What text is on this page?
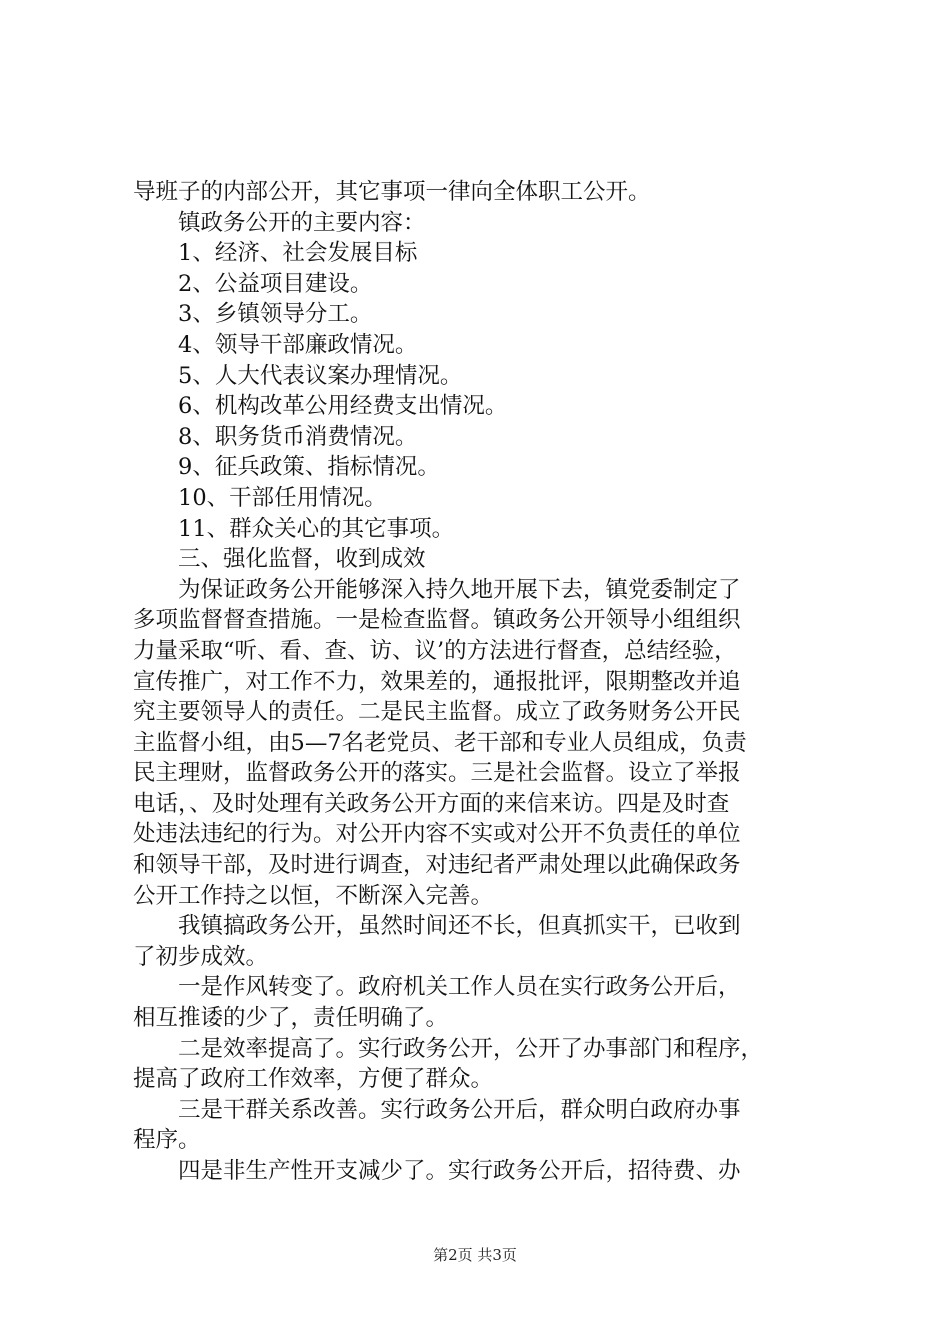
导班子的内部公开，其它事项一律向全体职工公开。

镇政务公开的主要内容：

1、经济、社会发展目标

2、公益项目建设。

3、乡镇领导分工。

4、领导干部廉政情况。

5、人大代表议案办理情况。

6、机构改革公用经费支出情况。

8、职务货币消费情况。

9、征兵政策、指标情况。

10、干部任用情况。

11、群众关心的其它事项。

三、强化监督，收到成效

为保证政务公开能够深入持久地开展下去，镇党委制定了

多项监督督查措施。一是检查监督。镇政务公开领导小组组织

力量采取“听、看、查、访、议’的方法进行督查，总结经验，

宣传推广，对工作不力，效果差的，通报批评，限期整改并追

究主要领导人的责任。二是民主监督。成立了政务财务公开民

主监督小组，由5—7名老党员、老干部和专业人员组成，负责

民主理财，监督政务公开的落实。三是社会监督。设立了举报

电话，、及时处理有关政务公开方面的来信来访。四是及时查

处违法违纪的行为。对公开内容不实或对公开不负责任的单位

和领导干部，及时进行调查，对违纪者严肃处理以此确保政务

公开工作持之以恒，不断深入完善。

我镇搞政务公开，虽然时间还不长，但真抓实干，已收到

了初步成效。

一是作风转变了。政府机关工作人员在实行政务公开后，

相互推诿的少了，责任明确了。

二是效率提高了。实行政务公开，公开了办事部门和程序，

提高了政府工作效率，方便了群众。

三是干群关系改善。实行政务公开后，群众明白政府办事

程序。

四是非生产性开支减少了。实行政务公开后，招待费、办

第2页 共3页
